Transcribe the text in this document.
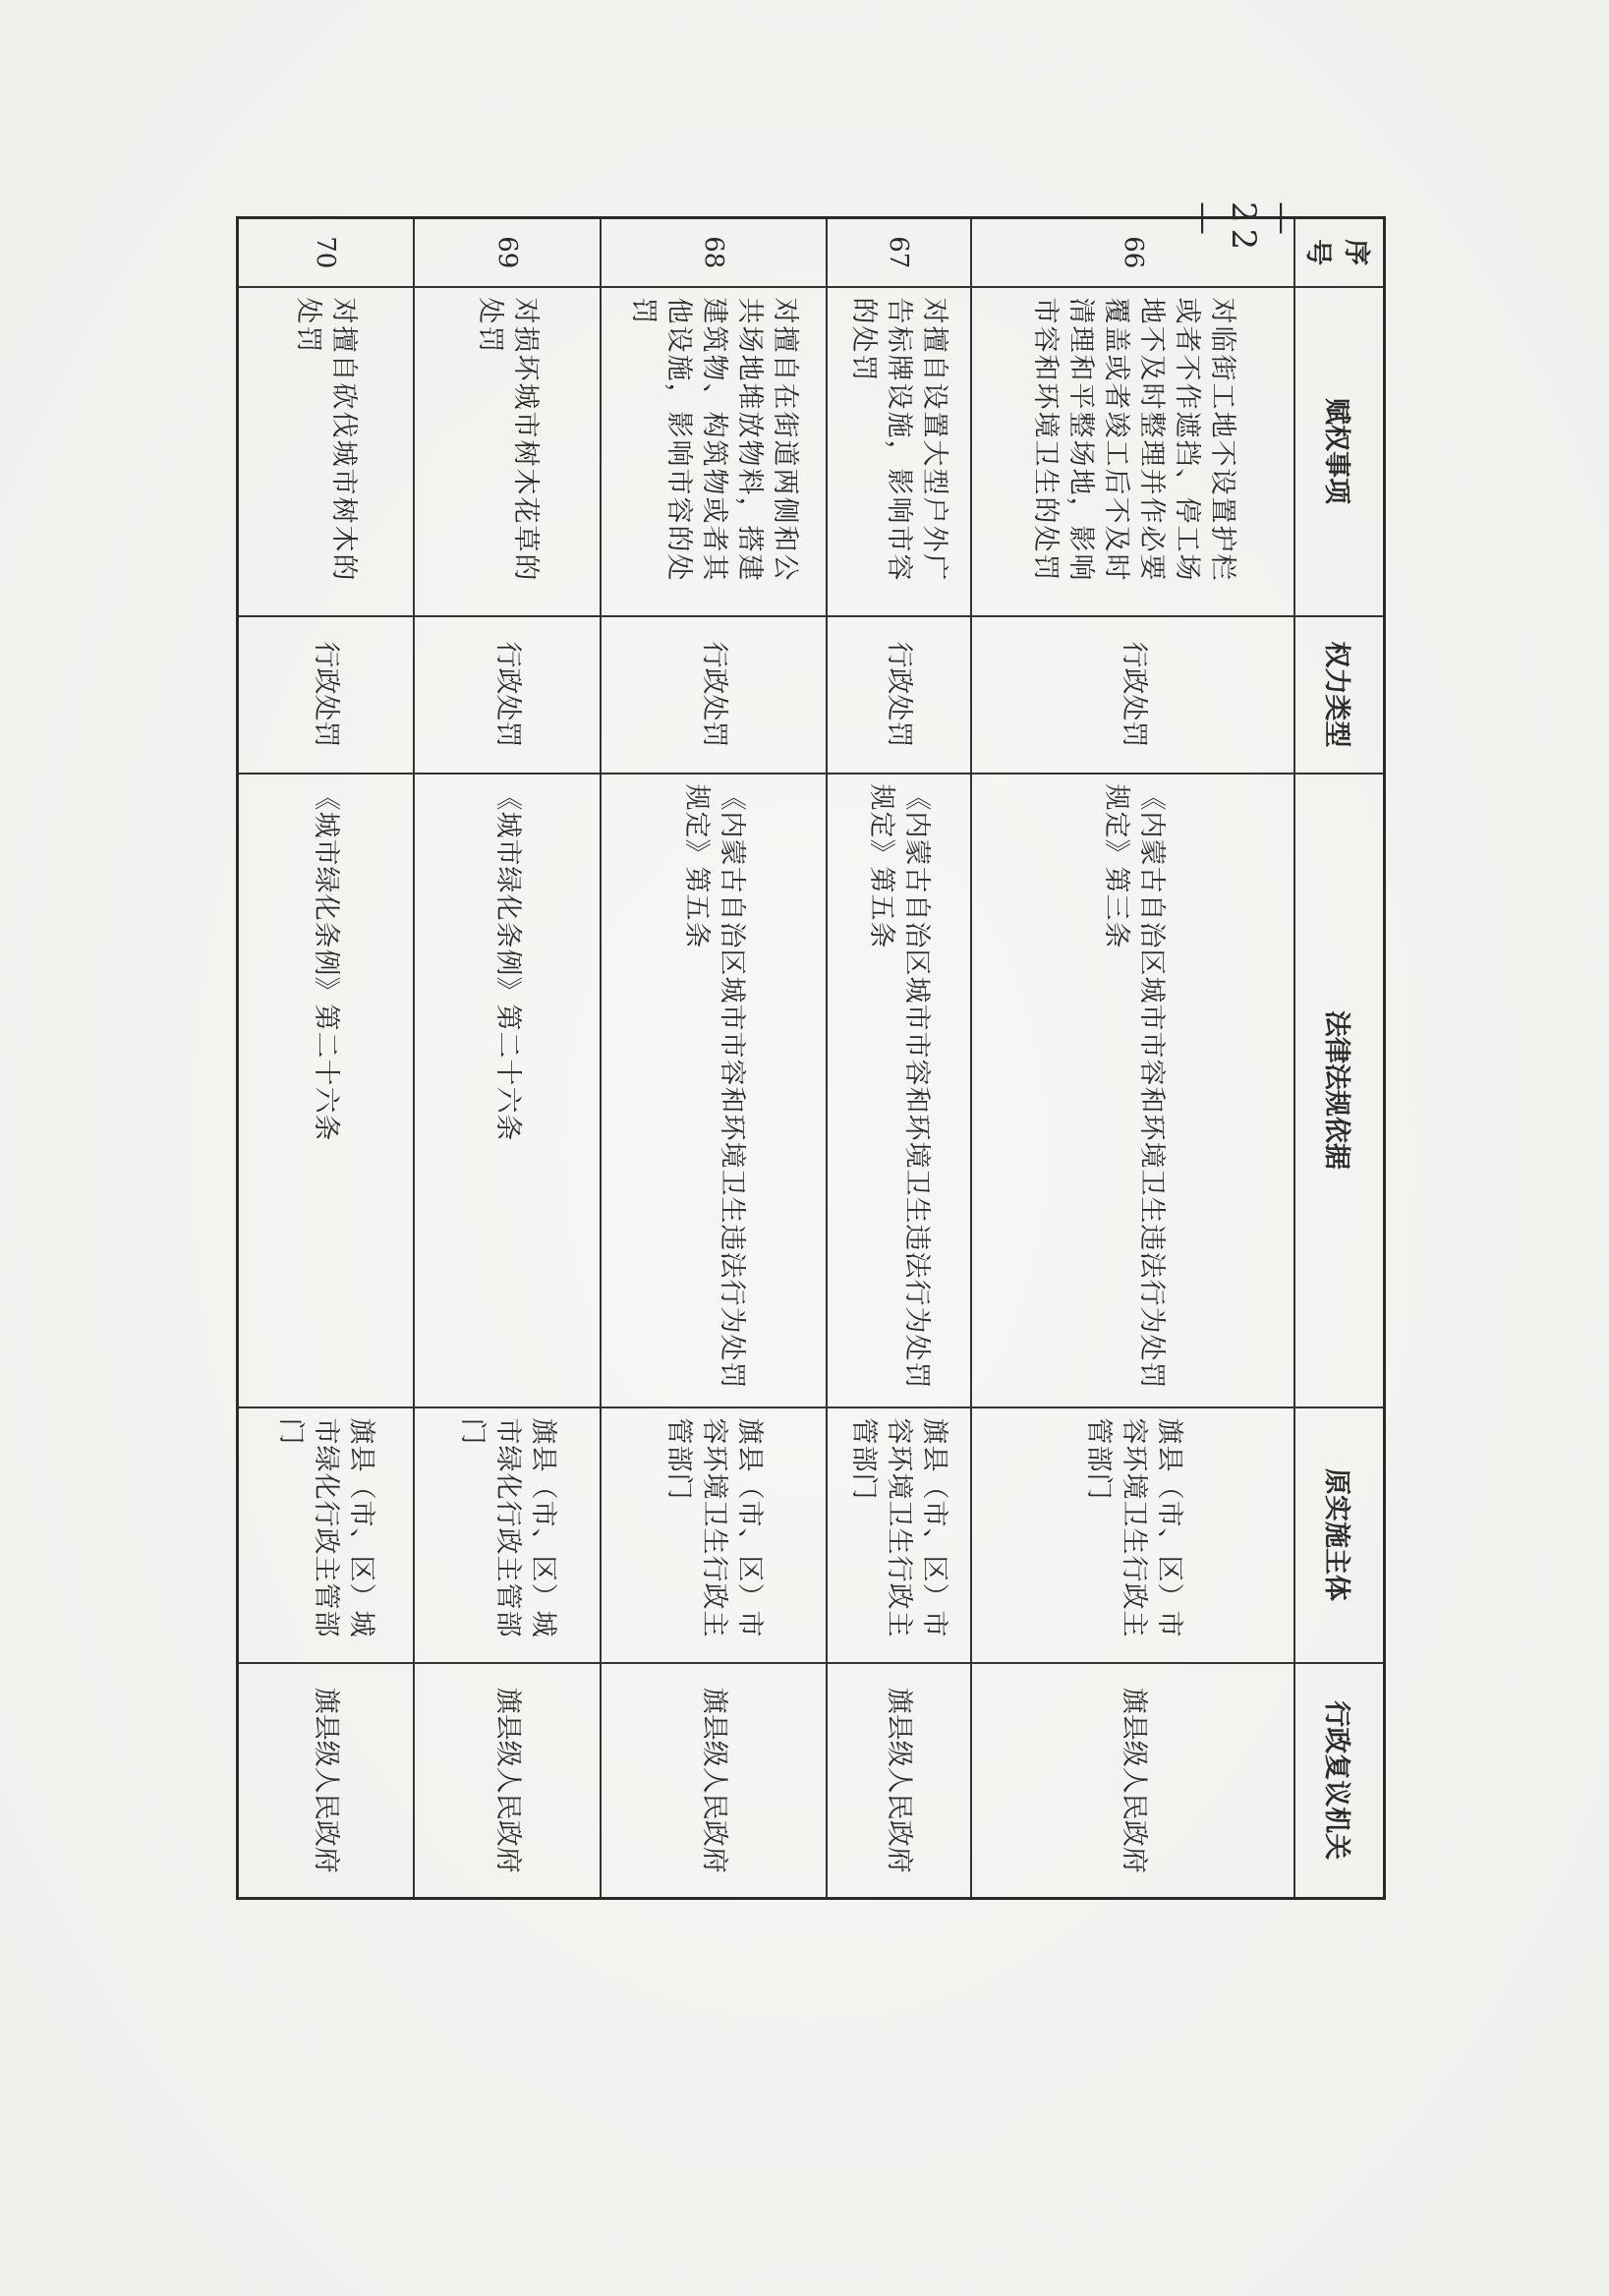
— 22 —
序号	赋权事项	权力类型	法律法规依据	原实施主体	行政复议机关
66	对临街工地不设置护栏或者不作遮挡、停工场地不及时整理并作必要覆盖或者竣工后不及时清理和平整场地，影响市容和环境卫生的处罚	行政处罚	《内蒙古自治区城市市容和环境卫生违法行为处罚规定》第三条	旗县（市、区）市容环境卫生行政主管部门	旗县级人民政府
67	对擅自设置大型户外广告标牌设施，影响市容的处罚	行政处罚	《内蒙古自治区城市市容和环境卫生违法行为处罚规定》第五条	旗县（市、区）市容环境卫生行政主管部门	旗县级人民政府
68	对擅自在街道两侧和公共场地堆放物料，搭建建筑物、构筑物或者其他设施，影响市容的处罚	行政处罚	《内蒙古自治区城市市容和环境卫生违法行为处罚规定》第五条	旗县（市、区）市容环境卫生行政主管部门	旗县级人民政府
69	对损坏城市树木花草的处罚	行政处罚	《城市绿化条例》第二十六条	旗县（市、区）城市绿化行政主管部门	旗县级人民政府
70	对擅自砍伐城市树木的处罚	行政处罚	《城市绿化条例》第二十六条	旗县（市、区）城市绿化行政主管部门	旗县级人民政府
